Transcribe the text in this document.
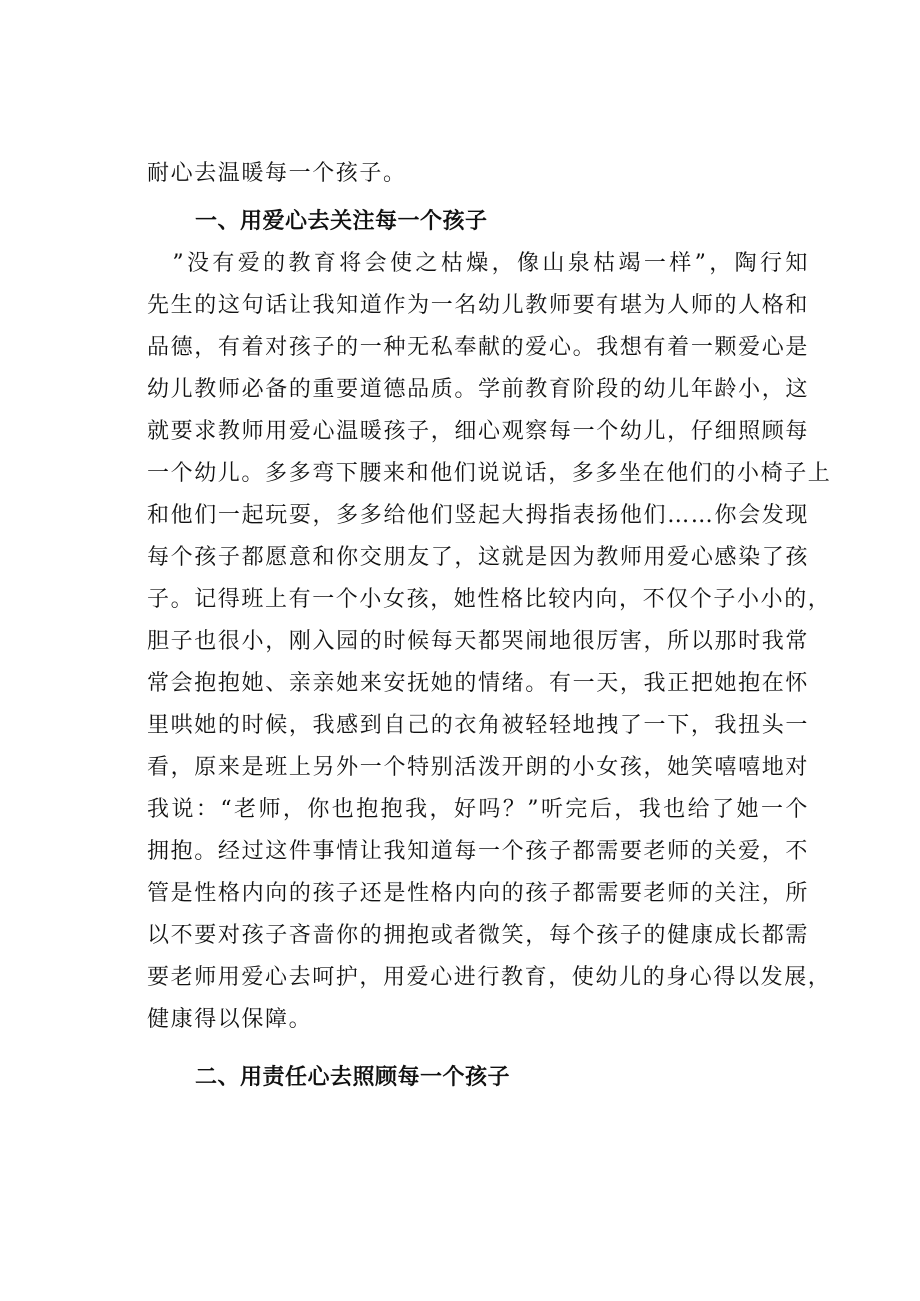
耐心去温暖每一个孩子。

一、用爱心去关注每一个孩子

　”没有爱的教育将会使之枯燥，像山泉枯竭一样”，陶行知

先生的这句话让我知道作为一名幼儿教师要有堪为人师的人格和

品德，有着对孩子的一种无私奉献的爱心。我想有着一颗爱心是

幼儿教师必备的重要道德品质。学前教育阶段的幼儿年龄小，这

就要求教师用爱心温暖孩子，细心观察每一个幼儿，仔细照顾每

一个幼儿。多多弯下腰来和他们说说话，多多坐在他们的小椅子上

和他们一起玩耍，多多给他们竖起大拇指表扬他们……你会发现

每个孩子都愿意和你交朋友了，这就是因为教师用爱心感染了孩

子。记得班上有一个小女孩，她性格比较内向，不仅个子小小的，

胆子也很小，刚入园的时候每天都哭闹地很厉害，所以那时我常

常会抱抱她、亲亲她来安抚她的情绪。有一天，我正把她抱在怀

里哄她的时候，我感到自己的衣角被轻轻地拽了一下，我扭头一

看，原来是班上另外一个特别活泼开朗的小女孩，她笑嘻嘻地对

我说：“老师，你也抱抱我，好吗？”听完后，我也给了她一个

拥抱。经过这件事情让我知道每一个孩子都需要老师的关爱，不

管是性格内向的孩子还是性格内向的孩子都需要老师的关注，所

以不要对孩子吝啬你的拥抱或者微笑，每个孩子的健康成长都需

要老师用爱心去呵护，用爱心进行教育，使幼儿的身心得以发展，

健康得以保障。

二、用责任心去照顾每一个孩子
